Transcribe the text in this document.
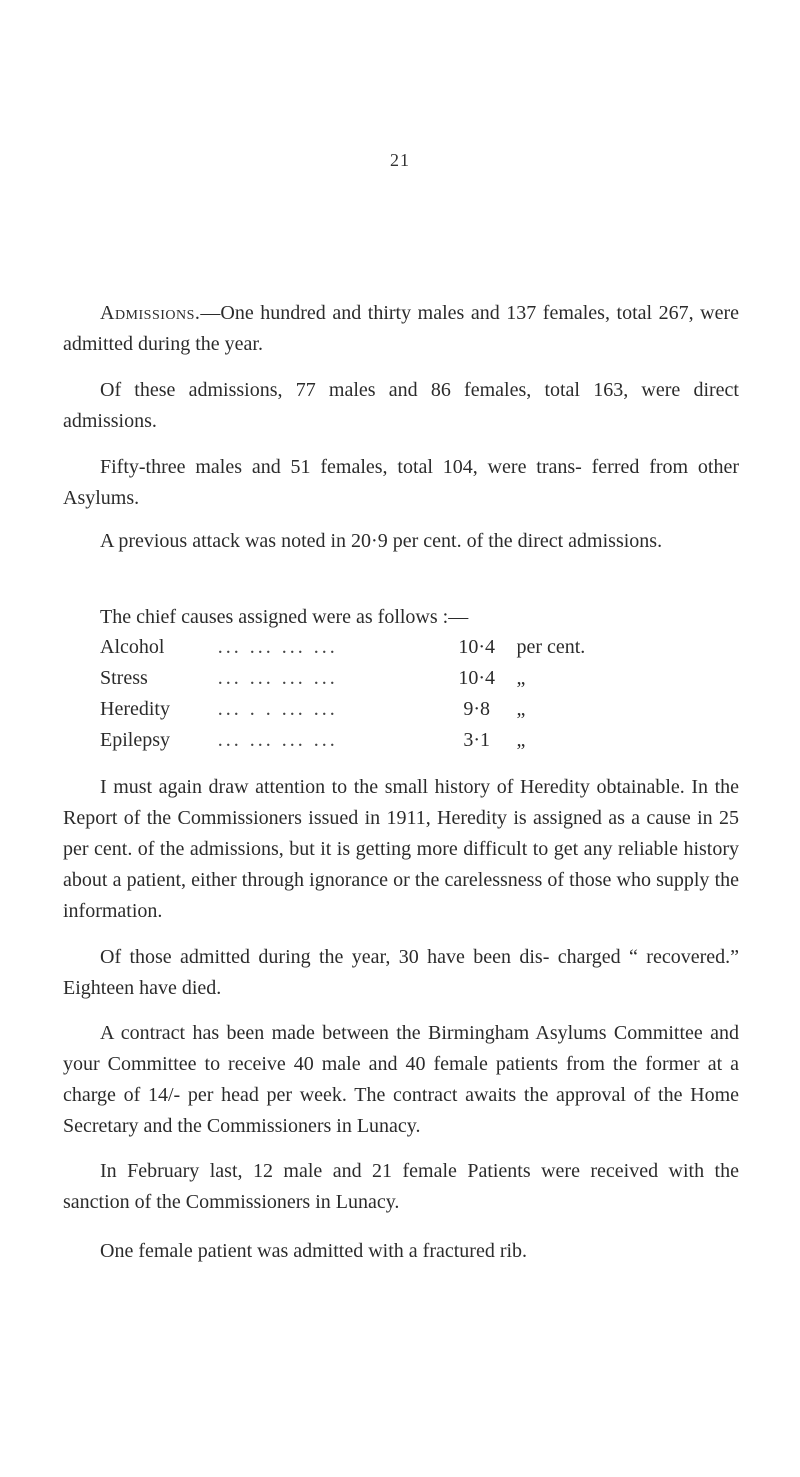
21

Admissions.—One hundred and thirty males and 137 females, total 267, were admitted during the year.

Of these admissions, 77 males and 86 females, total 163, were direct admissions.

Fifty-three males and 51 females, total 104, were trans- ferred from other Asylums.

A previous attack was noted in 20·9 per cent. of the direct admissions.

The chief causes assigned were as follows :—

Alcohol	... ... ... ...	10·4	per cent.
Stress	... ... ... ...	10·4	„
Heredity	... . . ... ...	9·8	„
Epilepsy	... ... ... ...	3·1	„

I must again draw attention to the small history of Heredity obtainable. In the Report of the Commissioners issued in 1911, Heredity is assigned as a cause in 25 per cent. of the admissions, but it is getting more difficult to get any reliable history about a patient, either through ignorance or the carelessness of those who supply the information.

Of those admitted during the year, 30 have been dis- charged “ recovered.” Eighteen have died.

A contract has been made between the Birmingham Asylums Committee and your Committee to receive 40 male and 40 female patients from the former at a charge of 14/- per head per week. The contract awaits the approval of the Home Secretary and the Commissioners in Lunacy.

In February last, 12 male and 21 female Patients were received with the sanction of the Commissioners in Lunacy.

One female patient was admitted with a fractured rib.
